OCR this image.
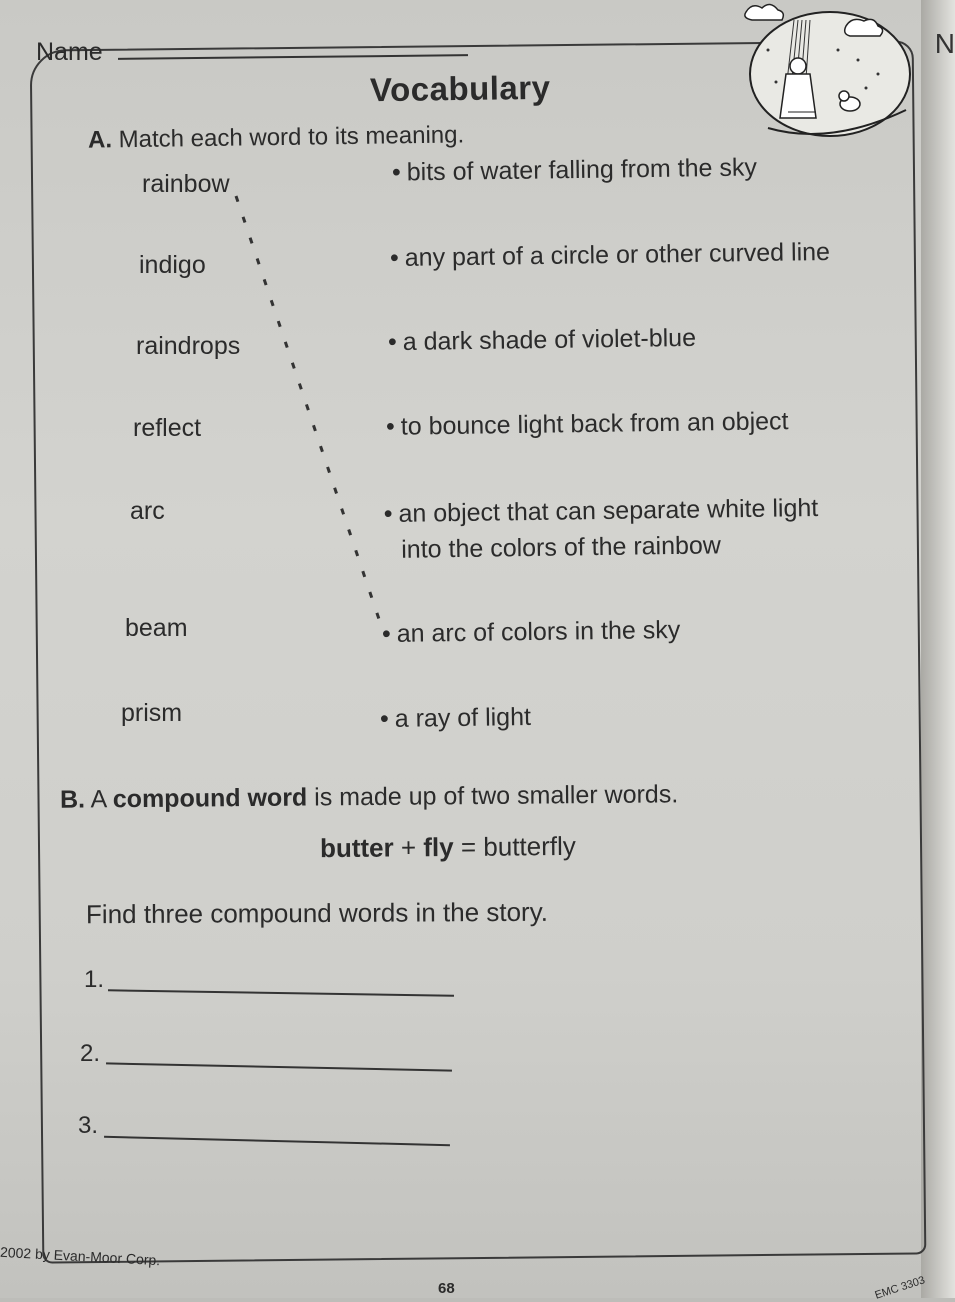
N
Name
Vocabulary
A. Match each word to its meaning.
rainbow
indigo
raindrops
reflect
arc
beam
prism
• bits of water falling from the sky
• any part of a circle or other curved line
• a dark shade of violet-blue
• to bounce light back from an object
• an object that can separate white light
into the colors of the rainbow
• an arc of colors in the sky
• a ray of light
B. A compound word is made up of two smaller words.
butter + fly = butterfly
Find three compound words in the story.
1.
2.
3.
2002 by Evan-Moor Corp.
68	EMC 3303
